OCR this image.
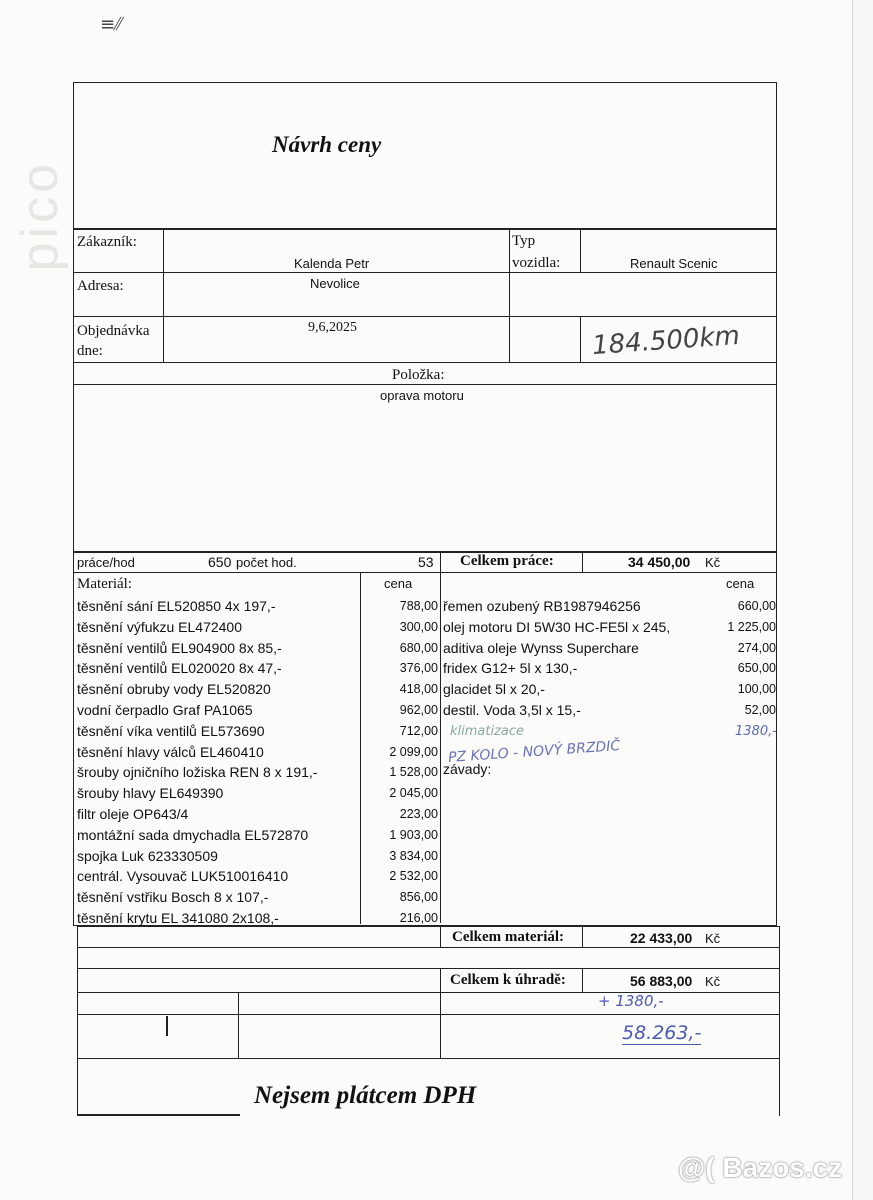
≡⫽
pico
Návrh ceny
Zákazník:
Kalenda Petr
Typ
vozidla:	Renault Scenic
Adresa:	Nevolice
Objednávka
dne:
9,6,2025	184.500km
Položka:
oprava motoru
práce/hod	650 počet hod.	53 Celkem práce:	34 450,00 Kč
Materiál:	cena	cena
těsnění sání EL520850 4x 197,-	788,00
těsnění výfukzu EL472400	300,00
těsnění ventilů EL904900 8x 85,-	680,00
těsnění ventilů EL020020 8x 47,-	376,00
těsnění obruby vody EL520820	418,00
vodní čerpadlo Graf PA1065	962,00
těsnění víka ventilů EL573690	712,00
těsnění hlavy válců EL460410	2 099,00
šrouby ojničního ložiska REN 8 x 191,-	1 528,00
šrouby hlavy EL649390	2 045,00
filtr oleje OP643/4	223,00
montážní sada dmychadla EL572870	1 903,00
spojka Luk 623330509	3 834,00
centrál. Vysouvač LUK510016410	2 532,00
těsnění vstřiku Bosch 8 x 107,-	856,00
těsnění krytu EL 341080 2x108,-	216,00
řemen ozubený RB1987946256	660,00
olej motoru DI 5W30 HC-FE5l x 245,	1 225,00
aditiva oleje Wynss Superchare	274,00
fridex G12+ 5l x 130,-	650,00
glacidet 5l x 20,-	100,00
destil. Voda 3,5l x 15,-	52,00
klimatizace	1380,-
PZ KOLO - NOVÝ BRZDIČ
závady:
Celkem materiál:	22 433,00 Kč
Celkem k úhradě:	56 883,00 Kč
+ 1380,-
58.263,-
Nejsem plátcem DPH
@( Bazos.cz
